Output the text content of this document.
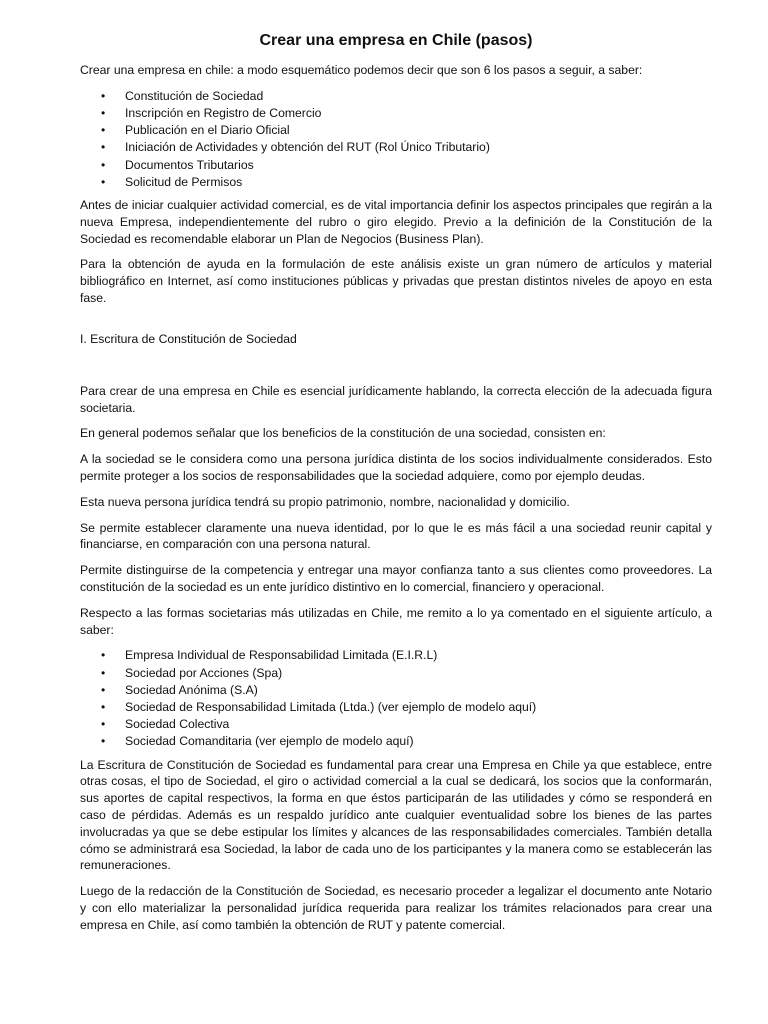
Crear una empresa en Chile (pasos)

Crear una empresa en chile: a modo esquemático podemos decir que son 6 los pasos a seguir, a saber:

• Constitución de Sociedad
• Inscripción en Registro de Comercio
• Publicación en el Diario Oficial
• Iniciación de Actividades y obtención del RUT (Rol Único Tributario)
• Documentos Tributarios
• Solicitud de Permisos

Antes de iniciar cualquier actividad comercial, es de vital importancia definir los aspectos principales que regirán a la nueva Empresa, independientemente del rubro o giro elegido. Previo a la definición de la Constitución de la Sociedad es recomendable elaborar un Plan de Negocios (Business Plan).

Para la obtención de ayuda en la formulación de este análisis existe un gran número de artículos y material bibliográfico en Internet, así como instituciones públicas y privadas que prestan distintos niveles de apoyo en esta fase.

I. Escritura de Constitución de Sociedad

Para crear de una empresa en Chile es esencial jurídicamente hablando, la correcta elección de la adecuada figura societaria.

En general podemos señalar que los beneficios de la constitución de una sociedad, consisten en:

A la sociedad se le considera como una persona jurídica distinta de los socios individualmente considerados. Esto permite proteger a los socios de responsabilidades que la sociedad adquiere, como por ejemplo deudas.

Esta nueva persona jurídica tendrá su propio patrimonio, nombre, nacionalidad y domicilio.

Se permite establecer claramente una nueva identidad, por lo que le es más fácil a una sociedad reunir capital y financiarse, en comparación con una persona natural.

Permite distinguirse de la competencia y entregar una mayor confianza tanto a sus clientes como proveedores. La constitución de la sociedad es un ente jurídico distintivo en lo comercial, financiero y operacional.

Respecto a las formas societarias más utilizadas en Chile, me remito a lo ya comentado en el siguiente artículo, a saber:

• Empresa Individual de Responsabilidad Limitada (E.I.R.L)
• Sociedad por Acciones (Spa)
• Sociedad Anónima (S.A)
• Sociedad de Responsabilidad Limitada (Ltda.) (ver ejemplo de modelo aquí)
• Sociedad Colectiva
• Sociedad Comanditaria (ver ejemplo de modelo aquí)

La Escritura de Constitución de Sociedad es fundamental para crear una Empresa en Chile ya que establece, entre otras cosas, el tipo de Sociedad, el giro o actividad comercial a la cual se dedicará, los socios que la conformarán, sus aportes de capital respectivos, la forma en que éstos participarán de las utilidades y cómo se responderá en caso de pérdidas. Además es un respaldo jurídico ante cualquier eventualidad sobre los bienes de las partes involucradas ya que se debe estipular los límites y alcances de las responsabilidades comerciales. También detalla cómo se administrará esa Sociedad, la labor de cada uno de los participantes y la manera como se establecerán las remuneraciones.

Luego de la redacción de la Constitución de Sociedad, es necesario proceder a legalizar el documento ante Notario y con ello materializar la personalidad jurídica requerida para realizar los trámites relacionados para crear una empresa en Chile, así como también la obtención de RUT y patente comercial.
